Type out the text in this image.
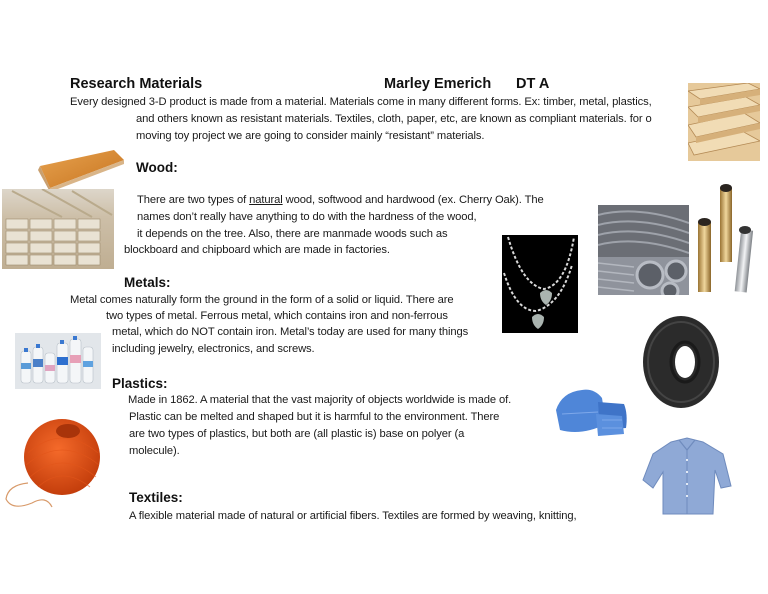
Research Materials	Marley Emerich DT A
Every designed 3-D product is made from a material. Materials come in many different forms. Ex: timber, metal, plastics,
and others known as resistant materials. Textiles, cloth, paper, etc, are known as compliant materials. for o
moving toy project we are going to consider mainly “resistant” materials.
Wood:
There are two types of natural wood, softwood and hardwood (ex. Cherry Oak). The
names don’t really have anything to do with the hardness of the wood,
it depends on the tree. Also, there are manmade woods such as
blockboard and chipboard which are made in factories.
Metals:
Metal comes naturally form the ground in the form of a solid or liquid. There are
two types of metal. Ferrous metal, which contains iron and non-ferrous
metal, which do NOT contain iron. Metal’s today are used for many things
including jewelry, electronics, and screws.
Plastics:
Made in 1862. A material that the vast majority of objects worldwide is made of.
Plastic can be melted and shaped but it is harmful to the environment. There
are two types of plastics, but both are (all plastic is) base on polyer (a
molecule).
Textiles:
A flexible material made of natural or artificial fibers. Textiles are formed by weaving, knitting,
